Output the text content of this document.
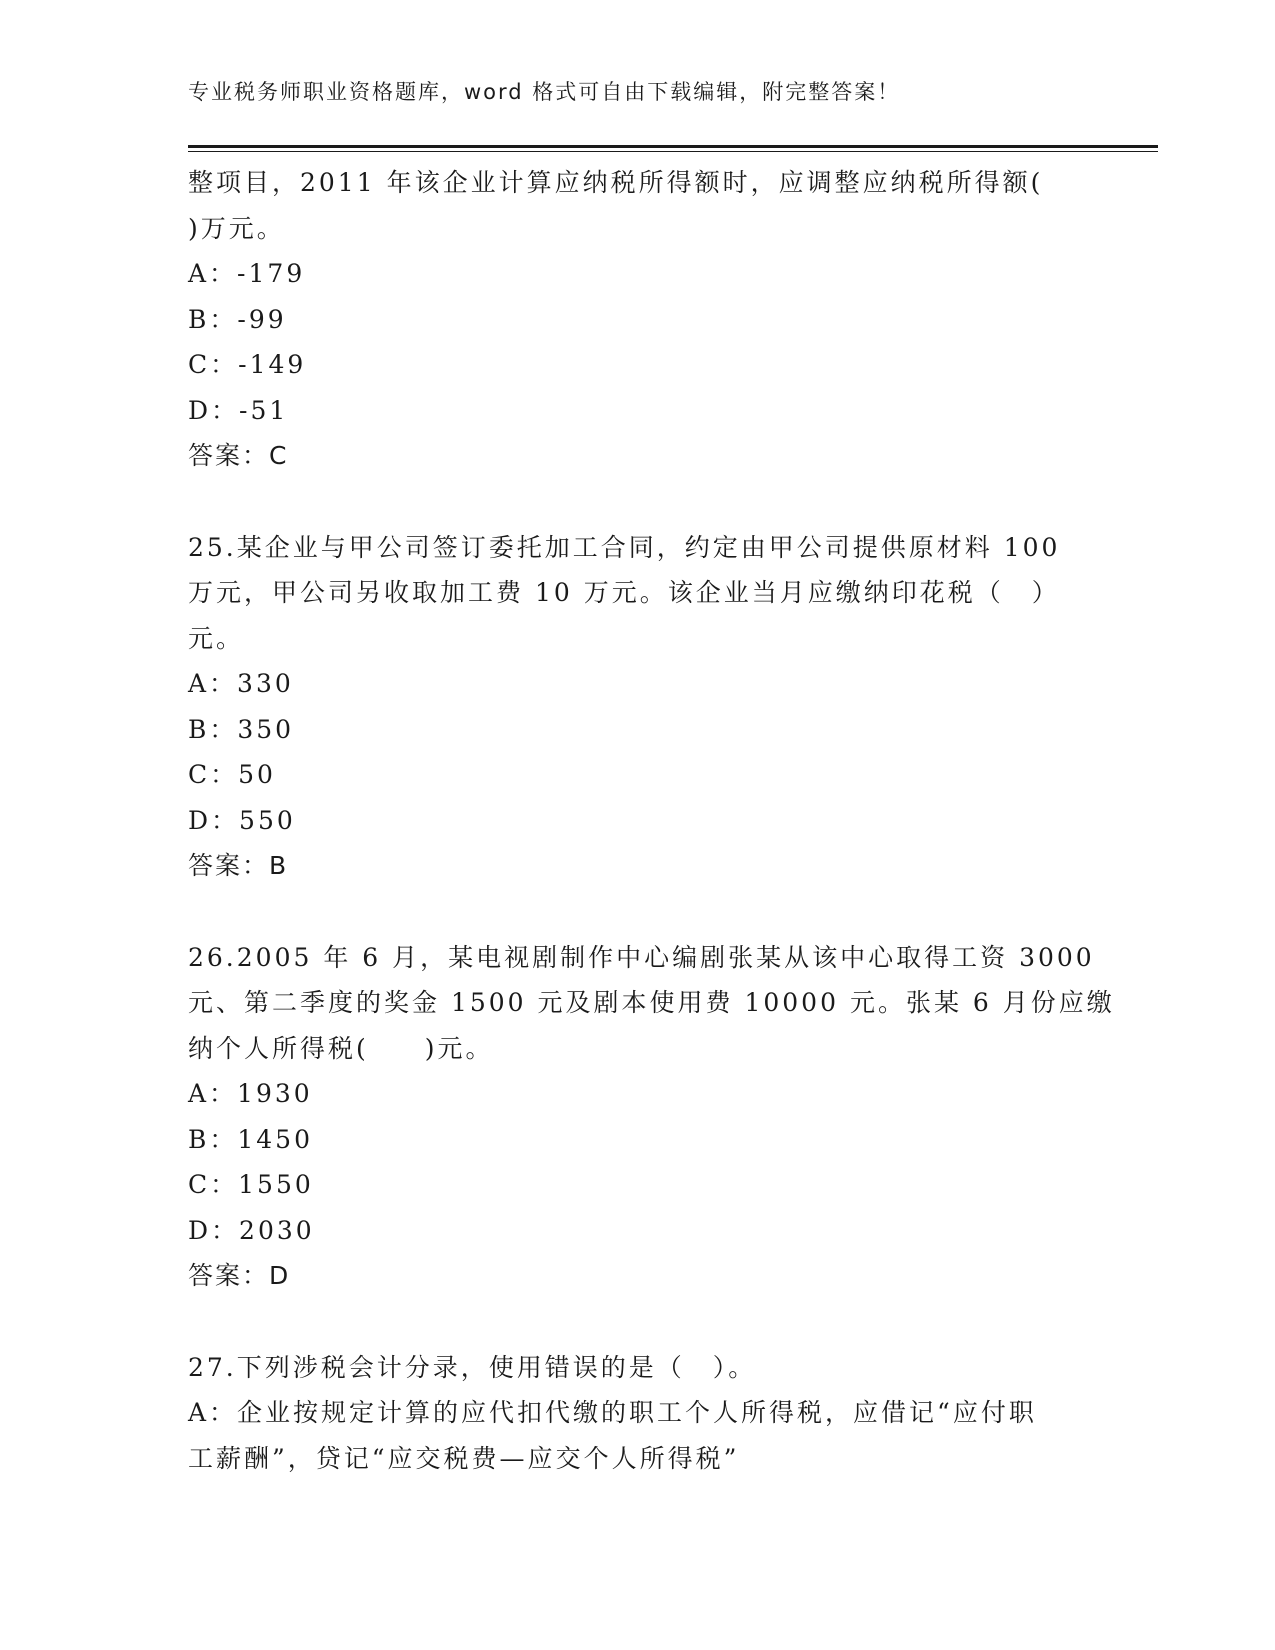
专业税务师职业资格题库，word 格式可自由下载编辑，附完整答案！
整项目，2011 年该企业计算应纳税所得额时，应调整应纳税所得额(
)万元。
A：-179
B：-99
C：-149
D：-51
答案：C
25.某企业与甲公司签订委托加工合同，约定由甲公司提供原材料 100
万元，甲公司另收取加工费 10 万元。该企业当月应缴纳印花税（　）
元。
A：330
B：350
C：50
D：550
答案：B
26.2005 年 6 月，某电视剧制作中心编剧张某从该中心取得工资 3000
元、第二季度的奖金 1500 元及剧本使用费 10000 元。张某 6 月份应缴
纳个人所得税(　　)元。
A：1930
B：1450
C：1550
D：2030
答案：D
27.下列涉税会计分录，使用错误的是（　）。
A：企业按规定计算的应代扣代缴的职工个人所得税，应借记“应付职
工薪酬”，贷记“应交税费—应交个人所得税”
